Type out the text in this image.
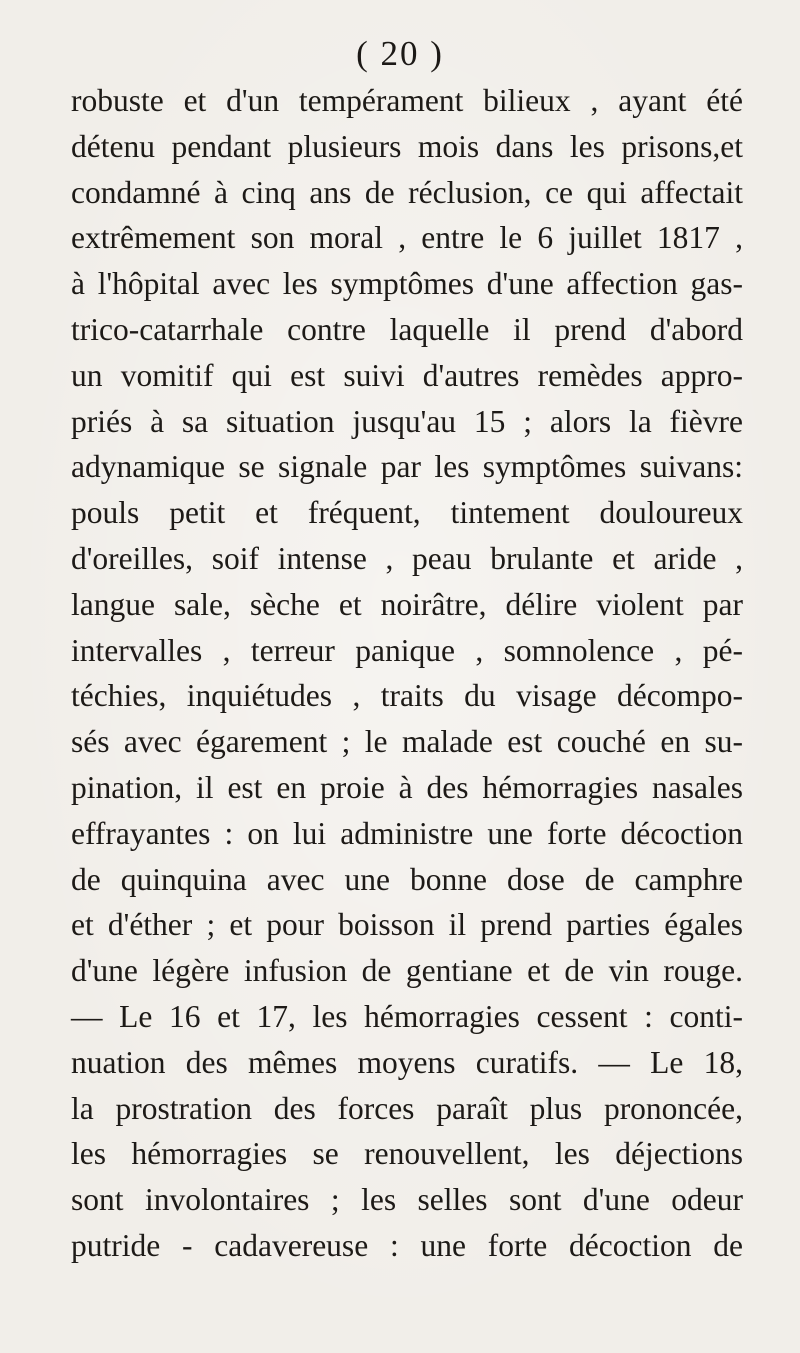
( 20 )
robuste et d'un tempérament bilieux , ayant été
détenu pendant plusieurs mois dans les prisons,et
condamné à cinq ans de réclusion, ce qui affectait
extrêmement son moral , entre le 6 juillet 1817 ,
à l'hôpital avec les symptômes d'une affection gas-
trico-catarrhale contre laquelle il prend d'abord
un vomitif qui est suivi d'autres remèdes appro-
priés à sa situation jusqu'au 15 ; alors la fièvre
adynamique se signale par les symptômes suivans:
pouls petit et fréquent, tintement douloureux
d'oreilles, soif intense , peau brulante et aride ,
langue sale, sèche et noirâtre, délire violent par
intervalles , terreur panique , somnolence , pé-
téchies, inquiétudes , traits du visage décompo-
sés avec égarement ; le malade est couché en su-
pination, il est en proie à des hémorragies nasales
effrayantes : on lui administre une forte décoction
de quinquina avec une bonne dose de camphre
et d'éther ; et pour boisson il prend parties égales
d'une légère infusion de gentiane et de vin rouge.
— Le 16 et 17, les hémorragies cessent : conti-
nuation des mêmes moyens curatifs. — Le 18,
la prostration des forces paraît plus prononcée,
les hémorragies se renouvellent, les déjections
sont involontaires ; les selles sont d'une odeur
putride - cadavereuse : une forte décoction de
